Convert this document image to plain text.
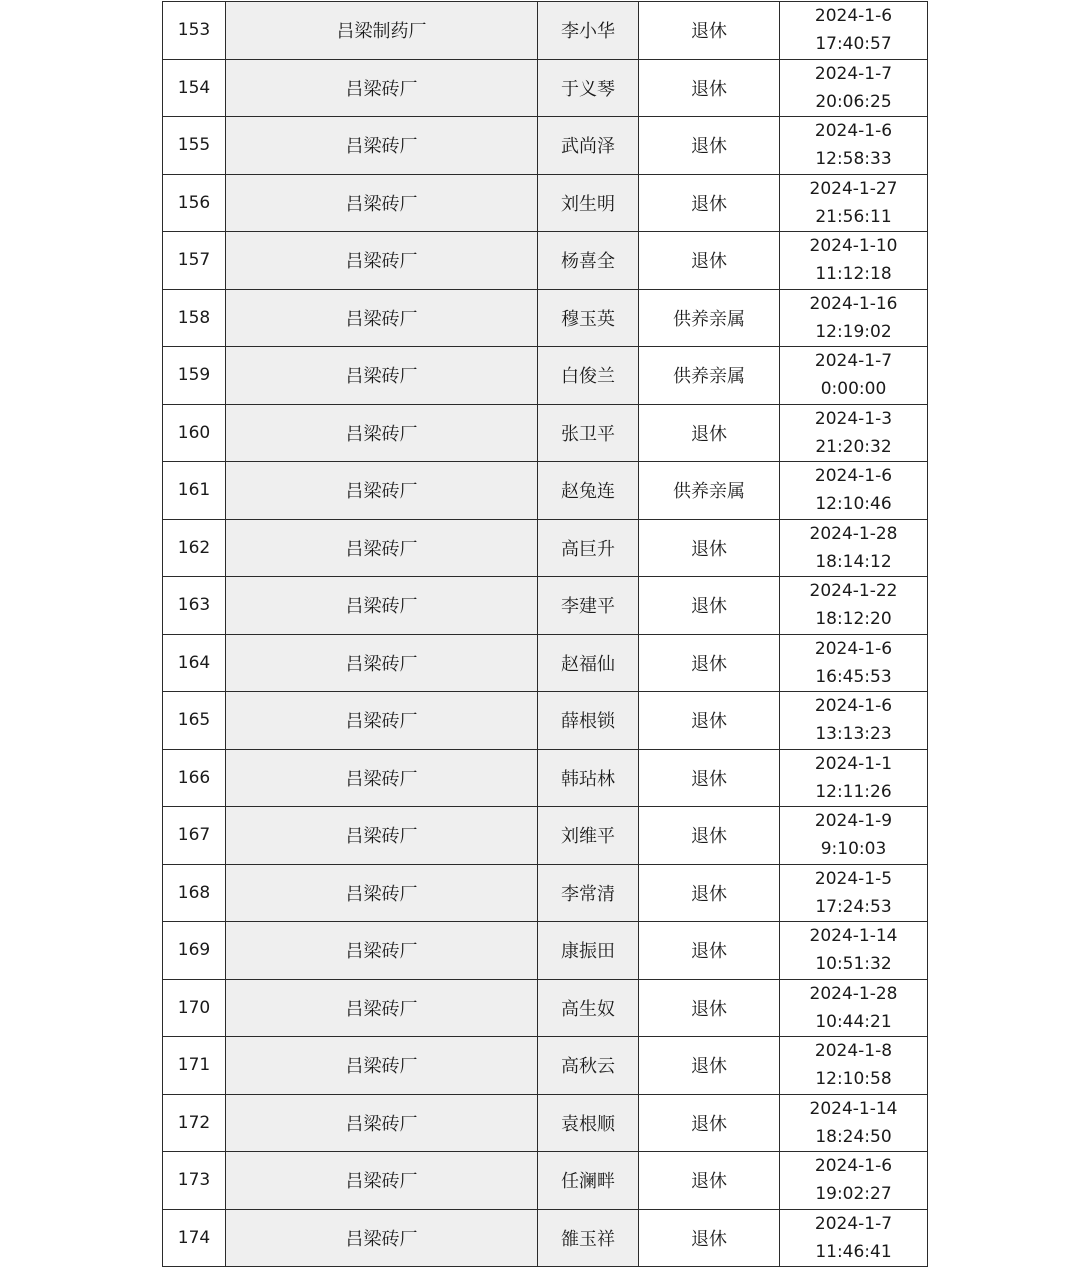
153	吕梁制药厂	李小华	退休	2024-1-6
17:40:57

154	吕梁砖厂	于义琴	退休	2024-1-7
20:06:25

155	吕梁砖厂	武尚泽	退休	2024-1-6
12:58:33

156	吕梁砖厂	刘生明	退休	2024-1-27
21:56:11

157	吕梁砖厂	杨喜全	退休	2024-1-10
11:12:18

158	吕梁砖厂	穆玉英	供养亲属	2024-1-16
12:19:02

159	吕梁砖厂	白俊兰	供养亲属	2024-1-7
0:00:00

160	吕梁砖厂	张卫平	退休	2024-1-3
21:20:32

161	吕梁砖厂	赵兔连	供养亲属	2024-1-6
12:10:46

162	吕梁砖厂	高巨升	退休	2024-1-28
18:14:12

163	吕梁砖厂	李建平	退休	2024-1-22
18:12:20

164	吕梁砖厂	赵福仙	退休	2024-1-6
16:45:53

165	吕梁砖厂	薛根锁	退休	2024-1-6
13:13:23

166	吕梁砖厂	韩玷林	退休	2024-1-1
12:11:26

167	吕梁砖厂	刘维平	退休	2024-1-9
9:10:03

168	吕梁砖厂	李常清	退休	2024-1-5
17:24:53

169	吕梁砖厂	康振田	退休	2024-1-14
10:51:32

170	吕梁砖厂	高生奴	退休	2024-1-28
10:44:21

171	吕梁砖厂	高秋云	退休	2024-1-8
12:10:58

172	吕梁砖厂	袁根顺	退休	2024-1-14
18:24:50

173	吕梁砖厂	任澜畔	退休	2024-1-6
19:02:27

174	吕梁砖厂	雒玉祥	退休	2024-1-7
11:46:41
